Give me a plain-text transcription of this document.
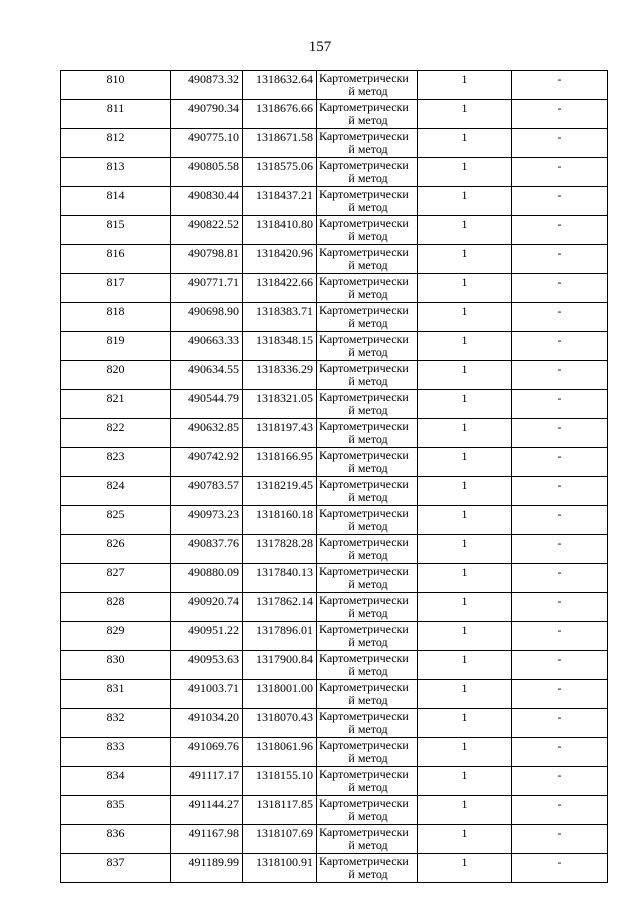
157
810	490873.32	1318632.64	Картометрически
й метод	1	-
811	490790.34	1318676.66	Картометрически
й метод	1	-
812	490775.10	1318671.58	Картометрически
й метод	1	-
813	490805.58	1318575.06	Картометрически
й метод	1	-
814	490830.44	1318437.21	Картометрически
й метод	1	-
815	490822.52	1318410.80	Картометрически
й метод	1	-
816	490798.81	1318420.96	Картометрически
й метод	1	-
817	490771.71	1318422.66	Картометрически
й метод	1	-
818	490698.90	1318383.71	Картометрически
й метод	1	-
819	490663.33	1318348.15	Картометрически
й метод	1	-
820	490634.55	1318336.29	Картометрически
й метод	1	-
821	490544.79	1318321.05	Картометрически
й метод	1	-
822	490632.85	1318197.43	Картометрически
й метод	1	-
823	490742.92	1318166.95	Картометрически
й метод	1	-
824	490783.57	1318219.45	Картометрически
й метод	1	-
825	490973.23	1318160.18	Картометрически
й метод	1	-
826	490837.76	1317828.28	Картометрически
й метод	1	-
827	490880.09	1317840.13	Картометрически
й метод	1	-
828	490920.74	1317862.14	Картометрически
й метод	1	-
829	490951.22	1317896.01	Картометрически
й метод	1	-
830	490953.63	1317900.84	Картометрически
й метод	1	-
831	491003.71	1318001.00	Картометрически
й метод	1	-
832	491034.20	1318070.43	Картометрически
й метод	1	-
833	491069.76	1318061.96	Картометрически
й метод	1	-
834	491117.17	1318155.10	Картометрически
й метод	1	-
835	491144.27	1318117.85	Картометрически
й метод	1	-
836	491167.98	1318107.69	Картометрически
й метод	1	-
837	491189.99	1318100.91	Картометрически
й метод	1	-
